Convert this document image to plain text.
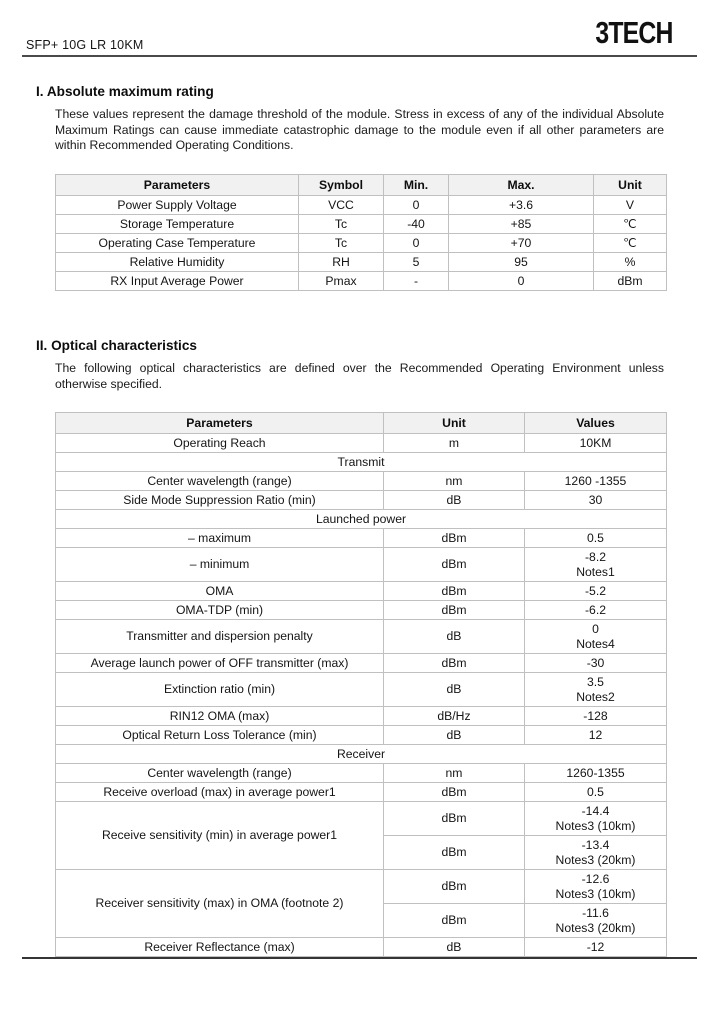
SFP+ 10G LR 10KM	3TECH
I. Absolute maximum rating
These values represent the damage threshold of the module. Stress in excess of any of the individual Absolute Maximum Ratings can cause immediate catastrophic damage to the module even if all other parameters are within Recommended Operating Conditions.
Parameters	Symbol	Min.	Max.	Unit
Power Supply Voltage	VCC	0	+3.6	V
Storage Temperature	Tc	-40	+85	℃
Operating Case Temperature	Tc	0	+70	℃
Relative Humidity	RH	5	95	%
RX Input Average Power	Pmax	-	0	dBm
II. Optical characteristics
The following optical characteristics are defined over the Recommended Operating Environment unless otherwise specified.
Parameters	Unit	Values
Operating Reach	m	10KM
Transmit		
Center wavelength (range)	nm	1260 -1355
Side Mode Suppression Ratio (min)	dB	30
Launched power		
– maximum	dBm	0.5
– minimum	dBm	-8.2
Notes1

OMA	dBm	-5.2
OMA-TDP (min)	dBm	-6.2
Transmitter and dispersion penalty	dB	0
Notes4

Average launch power of OFF transmitter (max)	dBm	-30
Extinction ratio (min)	dB	3.5
Notes2

RIN12 OMA (max)	dB/Hz	-128
Optical Return Loss Tolerance (min)	dB	12
Receiver		
Center wavelength (range)	nm	1260-1355
Receive overload (max) in average power1	dBm	0.5
Receive sensitivity (min) in average power1	dBm	-14.4
Notes3 (10km)

	dBm	-13.4
Notes3 (20km)

Receiver sensitivity (max) in OMA (footnote 2)	dBm	-12.6
Notes3 (10km)

	dBm	-11.6
Notes3 (20km)

Receiver Reflectance (max)	dB	-12
